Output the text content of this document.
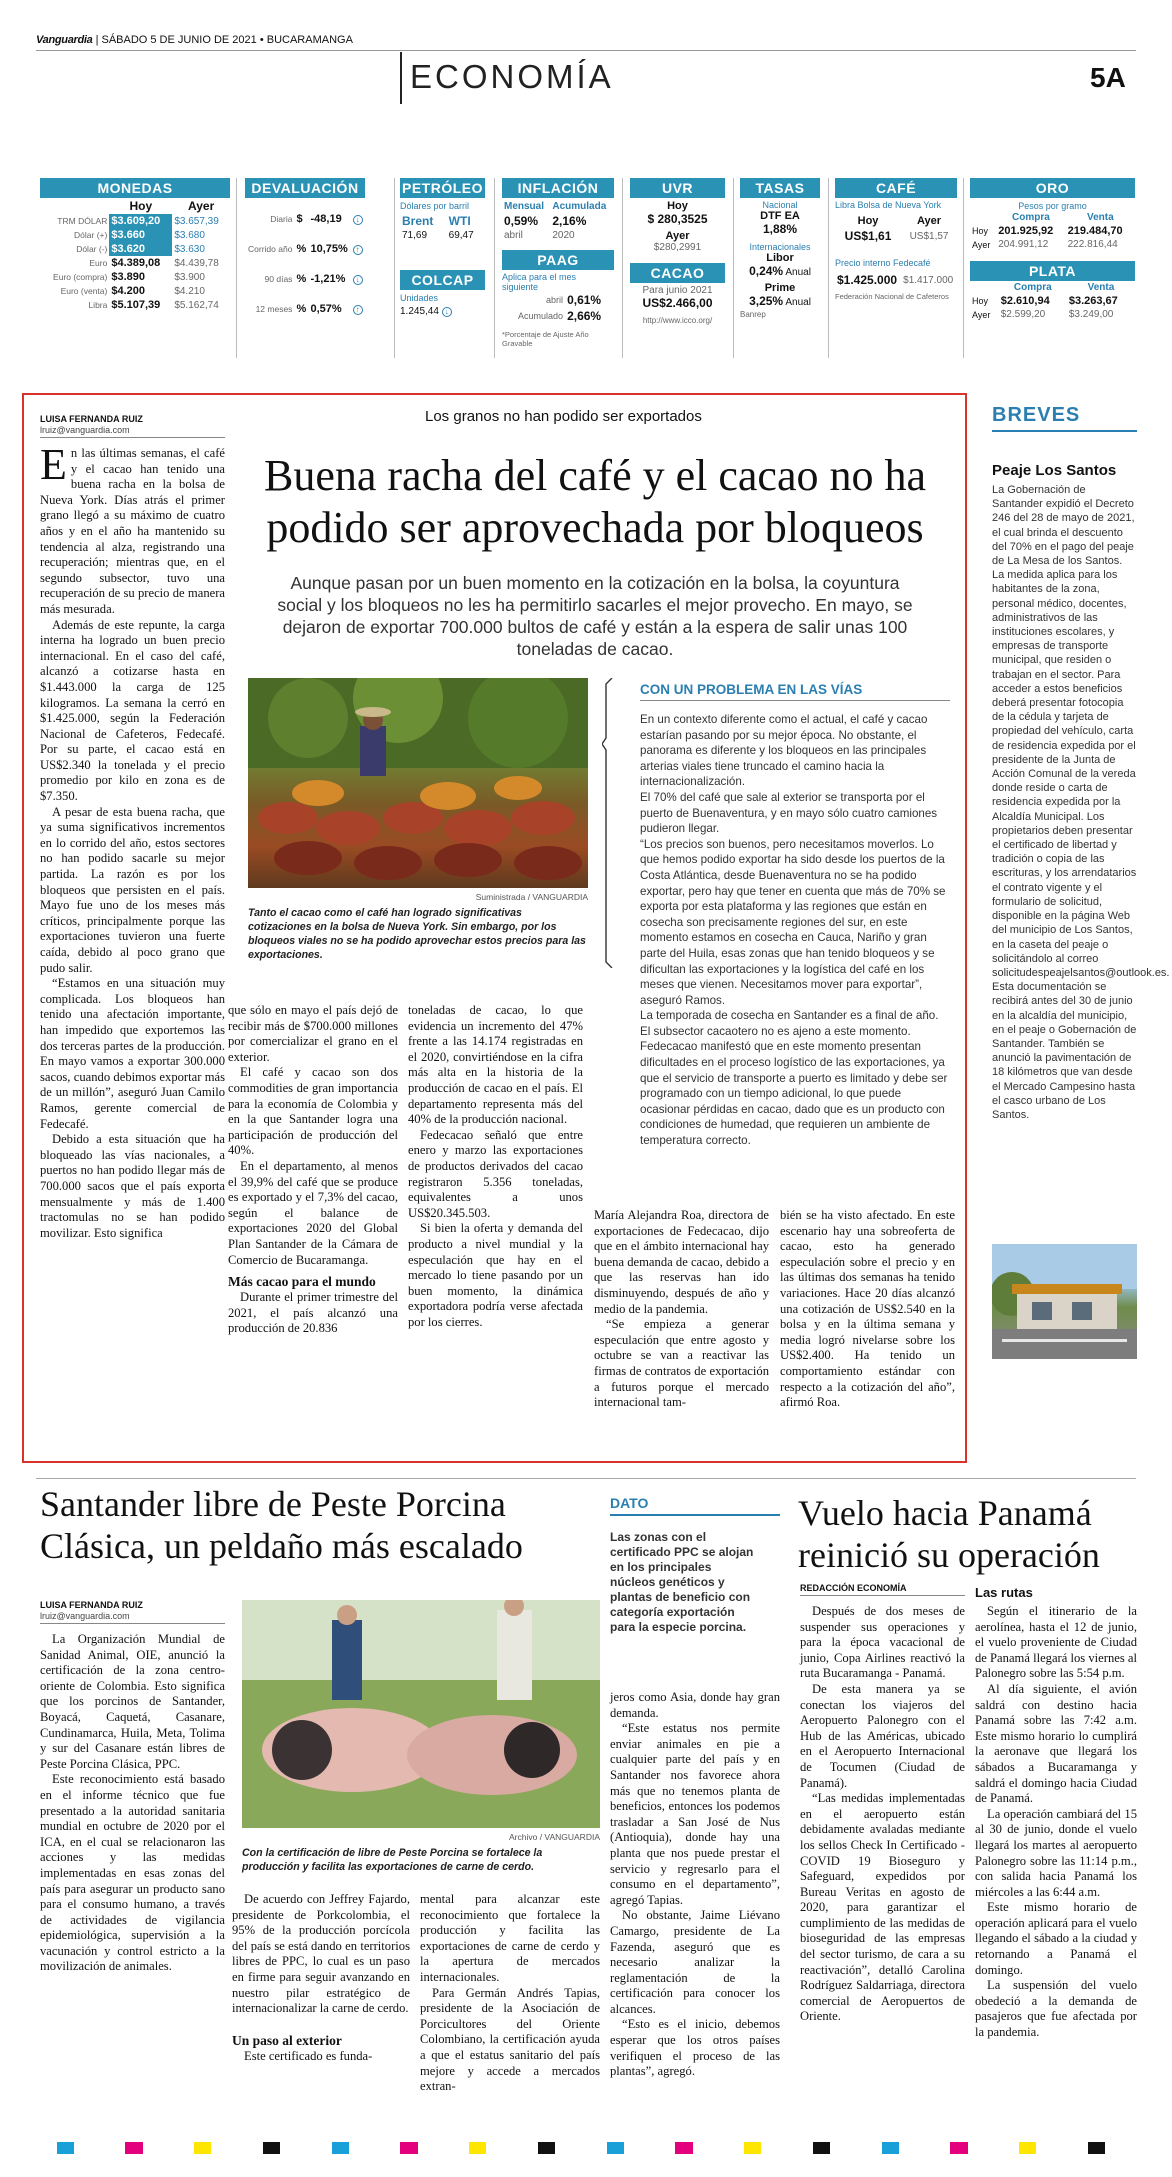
Vanguardia | SÁBADO 5 DE JUNIO DE 2021 • BUCARAMANGA
ECONOMÍA	5A
MONEDAS
	Hoy	Ayer
TRM DÓLAR	$3.609,20	$3.657,39
Dólar (+)	$3.660	$3.680
Dólar (-)	$3.620	$3.630
Euro	$4.389,08	$4.439,78
Euro (compra)	$3.890	$3.900
Euro (venta)	$4.200	$4.210
Libra	$5.107,39	$5.162,74
DEVALUACIÓN
Diaria	$	-48,19	↓
Corrido año	%	10,75%	↑
90 días	%	-1,21%	↓
12 meses	%	0,57%	↑
PETRÓLEO
Dólares por barril
Brent	WTI
71,69	69,47
COLCAP
Unidades
1.245,44 ↓
INFLACIÓN
Mensual	Acumulada
0,59%	2,16%
abril	2020
PAAG
Aplica para el mes siguiente
abril	0,61%
Acumulado	2,66%
*Porcentaje de Ajuste Año Gravable
UVR
Hoy
$ 280,3525
Ayer
$280,2991
CACAO
Para junio 2021
US$2.466,00
http://www.icco.org/
TASAS
Nacional
DTF EA
1,88%
Internacionales
Libor
0,24% Anual
Prime
3,25% Anual
Banrep
CAFÉ
Libra Bolsa de Nueva York
Hoy	Ayer
US$1,61	US$1,57
Precio interno Fedecafé
$1.425.000	$1.417.000
Federación Nacional de Cafeteros
ORO
Pesos por gramo
	Compra	Venta
Hoy	201.925,92	219.484,70
Ayer	204.991,12	222.816,44
PLATA
	Compra	Venta
Hoy	$2.610,94	$3.263,67
Ayer	$2.599,20	$3.249,00
Los granos no han podido ser exportados
LUISA FERNANDA RUIZ
lruiz@vanguardia.com
Buena racha del café y el cacao no ha
podido ser aprovechada por bloqueos
Aunque pasan por un buen momento en la cotización en la bolsa, la coyuntura social y los bloqueos no les ha permitirlo sacarles el mejor provecho. En mayo, se dejaron de exportar 700.000 bultos de café y están a la espera de salir unas 100 toneladas de cacao.

En las últimas semanas, el café y el cacao han tenido una buena racha en la bolsa de Nueva York. Días atrás el primer grano llegó a su máximo de cuatro años y en el año ha mantenido su tendencia al alza, registrando una recuperación; mientras que, en el segundo subsector, tuvo una recuperación de su precio de manera más mesurada.

Además de este repunte, la carga interna ha logrado un buen precio internacional. En el caso del café, alcanzó a cotizarse hasta en $1.443.000 la carga de 125 kilogramos. La semana la cerró en $1.425.000, según la Federación Nacional de Cafeteros, Fedecafé. Por su parte, el cacao está en US$2.340 la tonelada y el precio promedio por kilo en zona es de $7.350.

A pesar de esta buena racha, que ya suma significativos incrementos en lo corrido del año, estos sectores no han podido sacarle su mejor partida. La razón es por los bloqueos que persisten en el país. Mayo fue uno de los meses más críticos, principalmente porque las exportaciones tuvieron una fuerte caída, debido al poco grano que pudo salir.

“Estamos en una situación muy complicada. Los bloqueos han tenido una afectación importante, han impedido que exportemos las dos terceras partes de la producción. En mayo vamos a exportar 300.000 sacos, cuando debimos exportar más de un millón”, aseguró Juan Camilo Ramos, gerente comercial de Fedecafé.

Debido a esta situación que ha bloqueado las vías nacionales, a puertos no han podido llegar más de 700.000 sacos que el país exporta mensualmente y más de 1.400 tractomulas no se han podido movilizar. Esto significa

Suministrada / VANGUARDIA
Tanto el cacao como el café han logrado significativas cotizaciones en la bolsa de Nueva York. Sin embargo, por los bloqueos viales no se ha podido aprovechar estos precios para las exportaciones.

que sólo en mayo el país dejó de recibir más de $700.000 millones por comercializar el grano en el exterior.

El café y cacao son dos commodities de gran importancia para la economía de Colombia y en la que Santander logra una participación de producción del 40%.

En el departamento, al menos el 39,9% del café que se produce es exportado y el 7,3% del cacao, según el balance de exportaciones 2020 del Global Plan Santander de la Cámara de Comercio de Bucaramanga.

Más cacao para el mundo

Durante el primer trimestre del 2021, el país alcanzó una producción de 20.836

toneladas de cacao, lo que evidencia un incremento del 47% frente a las 14.174 registradas en el 2020, convirtiéndose en la cifra más alta en la historia de la producción de cacao en el país. El departamento representa más del 40% de la producción nacional.

Fedecacao señaló que entre enero y marzo las exportaciones de productos derivados del cacao registraron 5.356 toneladas, equivalentes a unos US$20.345.503.

Si bien la oferta y demanda del producto a nivel mundial y la especulación que hay en el mercado lo tiene pasando por un buen momento, la dinámica exportadora podría verse afectada por los cierres.

CON UN PROBLEMA EN LAS VÍAS

En un contexto diferente como el actual, el café y cacao estarían pasando por su mejor época. No obstante, el panorama es diferente y los bloqueos en las principales arterias viales tiene truncado el camino hacia la internacionalización.

El 70% del café que sale al exterior se transporta por el puerto de Buenaventura, y en mayo sólo cuatro camiones pudieron llegar.

“Los precios son buenos, pero necesitamos moverlos. Lo que hemos podido exportar ha sido desde los puertos de la Costa Atlántica, desde Buenaventura no se ha podido exportar, pero hay que tener en cuenta que más de 70% se exporta por esta plataforma y las regiones que están en cosecha son precisamente regiones del sur, en este momento estamos en cosecha en Cauca, Nariño y gran parte del Huila, esas zonas que han tenido bloqueos y se dificultan las exportaciones y la logística del café en los meses que vienen. Necesitamos mover para exportar”, aseguró Ramos.

La temporada de cosecha en Santander es a final de año. El subsector cacaotero no es ajeno a este momento. Fedecacao manifestó que en este momento presentan dificultades en el proceso logístico de las exportaciones, ya que el servicio de transporte a puerto es limitado y debe ser programado con un tiempo adicional, lo que puede ocasionar pérdidas en cacao, dado que es un producto con condiciones de humedad, que requieren un ambiente de temperatura correcto.

María Alejandra Roa, directora de exportaciones de Fedecacao, dijo que en el ámbito internacional hay buena demanda de cacao, debido a que las reservas han ido disminuyendo, después de año y medio de la pandemia.

“Se empieza a generar especulación que entre agosto y octubre se van a reactivar las firmas de contratos de exportación a futuros porque el mercado internacional tam-

bién se ha visto afectado. En este escenario hay una sobreoferta de cacao, esto ha generado especulación sobre el precio y en las últimas dos semanas ha tenido variaciones. Hace 20 días alcanzó una cotización de US$2.540 en la bolsa y en la última semana y media logró nivelarse sobre los US$2.400. Ha tenido un comportamiento estándar con respecto a la cotización del año”, afirmó Roa.

BREVES
Peaje Los Santos
La Gobernación de Santander expidió el Decreto 246 del 28 de mayo de 2021, el cual brinda el descuento del 70% en el pago del peaje de La Mesa de los Santos. La medida aplica para los habitantes de la zona, personal médico, docentes, administrativos de las instituciones escolares, y empresas de transporte municipal, que residen o trabajan en el sector. Para acceder a estos beneficios deberá presentar fotocopia de la cédula y tarjeta de propiedad del vehículo, carta de residencia expedida por el presidente de la Junta de Acción Comunal de la vereda donde reside o carta de residencia expedida por la Alcaldía Municipal. Los propietarios deben presentar el certificado de libertad y tradición o copia de las escrituras, y los arrendatarios el contrato vigente y el formulario de solicitud, disponible en la página Web del municipio de Los Santos, en la caseta del peaje o solicitándolo al correo solicitudespeajelsantos@outlook.es. Esta documentación se recibirá antes del 30 de junio en la alcaldía del municipio, en el peaje o Gobernación de Santander. También se anunció la pavimentación de 18 kilómetros que van desde el Mercado Campesino hasta el casco urbano de Los Santos.
Santander libre de Peste Porcina
Clásica, un peldaño más escalado
LUISA FERNANDA RUIZ
lruiz@vanguardia.com

La Organización Mundial de Sanidad Animal, OIE, anunció la certificación de la zona centro-oriente de Colombia. Esto significa que los porcinos de Santander, Boyacá, Caquetá, Casanare, Cundinamarca, Huila, Meta, Tolima y sur del Casanare están libres de Peste Porcina Clásica, PPC.

Este reconocimiento está basado en el informe técnico que fue presentado a la autoridad sanitaria mundial en octubre de 2020 por el ICA, en el cual se relacionaron las acciones y las medidas implementadas en esas zonas del país para asegurar un producto sano para el consumo humano, a través de actividades de vigilancia epidemiológica, supervisión a la vacunación y control estricto a la movilización de animales.

Archivo / VANGUARDIA
Con la certificación de libre de Peste Porcina se fortalece la producción y facilita las exportaciones de carne de cerdo.

De acuerdo con Jeffrey Fajardo, presidente de Porkcolombia, el 95% de la producción porcícola del país se está dando en territorios libres de PPC, lo cual es un paso en firme para seguir avanzando en nuestro pilar estratégico de internacionalizar la carne de cerdo.

Un paso al exterior

Este certificado es funda-

mental para alcanzar este reconocimiento que fortalece la producción y facilita las exportaciones de carne de cerdo y la apertura de mercados internacionales.

Para Germán Andrés Tapias, presidente de la Asociación de Porcicultores del Oriente Colombiano, la certificación ayuda a que el estatus sanitario del país mejore y accede a mercados extran-

DATO
Las zonas con el certificado PPC se alojan en los principales núcleos genéticos y plantas de beneficio con categoría exportación para la especie porcina.

jeros como Asia, donde hay gran demanda.

“Este estatus nos permite enviar animales en pie a cualquier parte del país y en Santander nos favorece ahora más que no tenemos planta de beneficios, entonces los podemos trasladar a San José de Nus (Antioquia), donde hay una planta que nos puede prestar el servicio y regresarlo para el consumo en el departamento”, agregó Tapias.

No obstante, Jaime Liévano Camargo, presidente de La Fazenda, aseguró que es necesario analizar la reglamentación de la certificación para conocer los alcances.

“Esto es el inicio, debemos esperar que los otros países verifiquen el proceso de las plantas”, agregó.

Vuelo hacia Panamá
reinició su operación
REDACCIÓN ECONOMÍA

Después de dos meses de suspender sus operaciones y para la época vacacional de junio, Copa Airlines reactivó la ruta Bucaramanga - Panamá.

De esta manera ya se conectan los viajeros del Aeropuerto Palonegro con el Hub de las Américas, ubicado en el Aeropuerto Internacional de Tocumen (Ciudad de Panamá).

“Las medidas implementadas en el aeropuerto están debidamente avaladas mediante los sellos Check In Certificado - COVID 19 Bioseguro y Safeguard, expedidos por Bureau Veritas en agosto de 2020, para garantizar el cumplimiento de las medidas de bioseguridad de las empresas del sector turismo, de cara a su reactivación”, detalló Carolina Rodríguez Saldarriaga, directora comercial de Aeropuertos de Oriente.

Las rutas

Según el itinerario de la aerolínea, hasta el 12 de junio, el vuelo proveniente de Ciudad de Panamá llegará los viernes al Palonegro sobre las 5:54 p.m.

Al día siguiente, el avión saldrá con destino hacia Panamá sobre las 7:42 a.m. Este mismo horario lo cumplirá la aeronave que llegará los sábados a Bucaramanga y saldrá el domingo hacia Ciudad de Panamá.

La operación cambiará del 15 al 30 de junio, donde el vuelo llegará los martes al aeropuerto Palonegro sobre las 11:14 p.m., con salida hacia Panamá los miércoles a las 6:44 a.m.

Este mismo horario de operación aplicará para el vuelo llegando el sábado a la ciudad y retornando a Panamá el domingo.

La suspensión del vuelo obedeció a la demanda de pasajeros que fue afectada por la pandemia.
